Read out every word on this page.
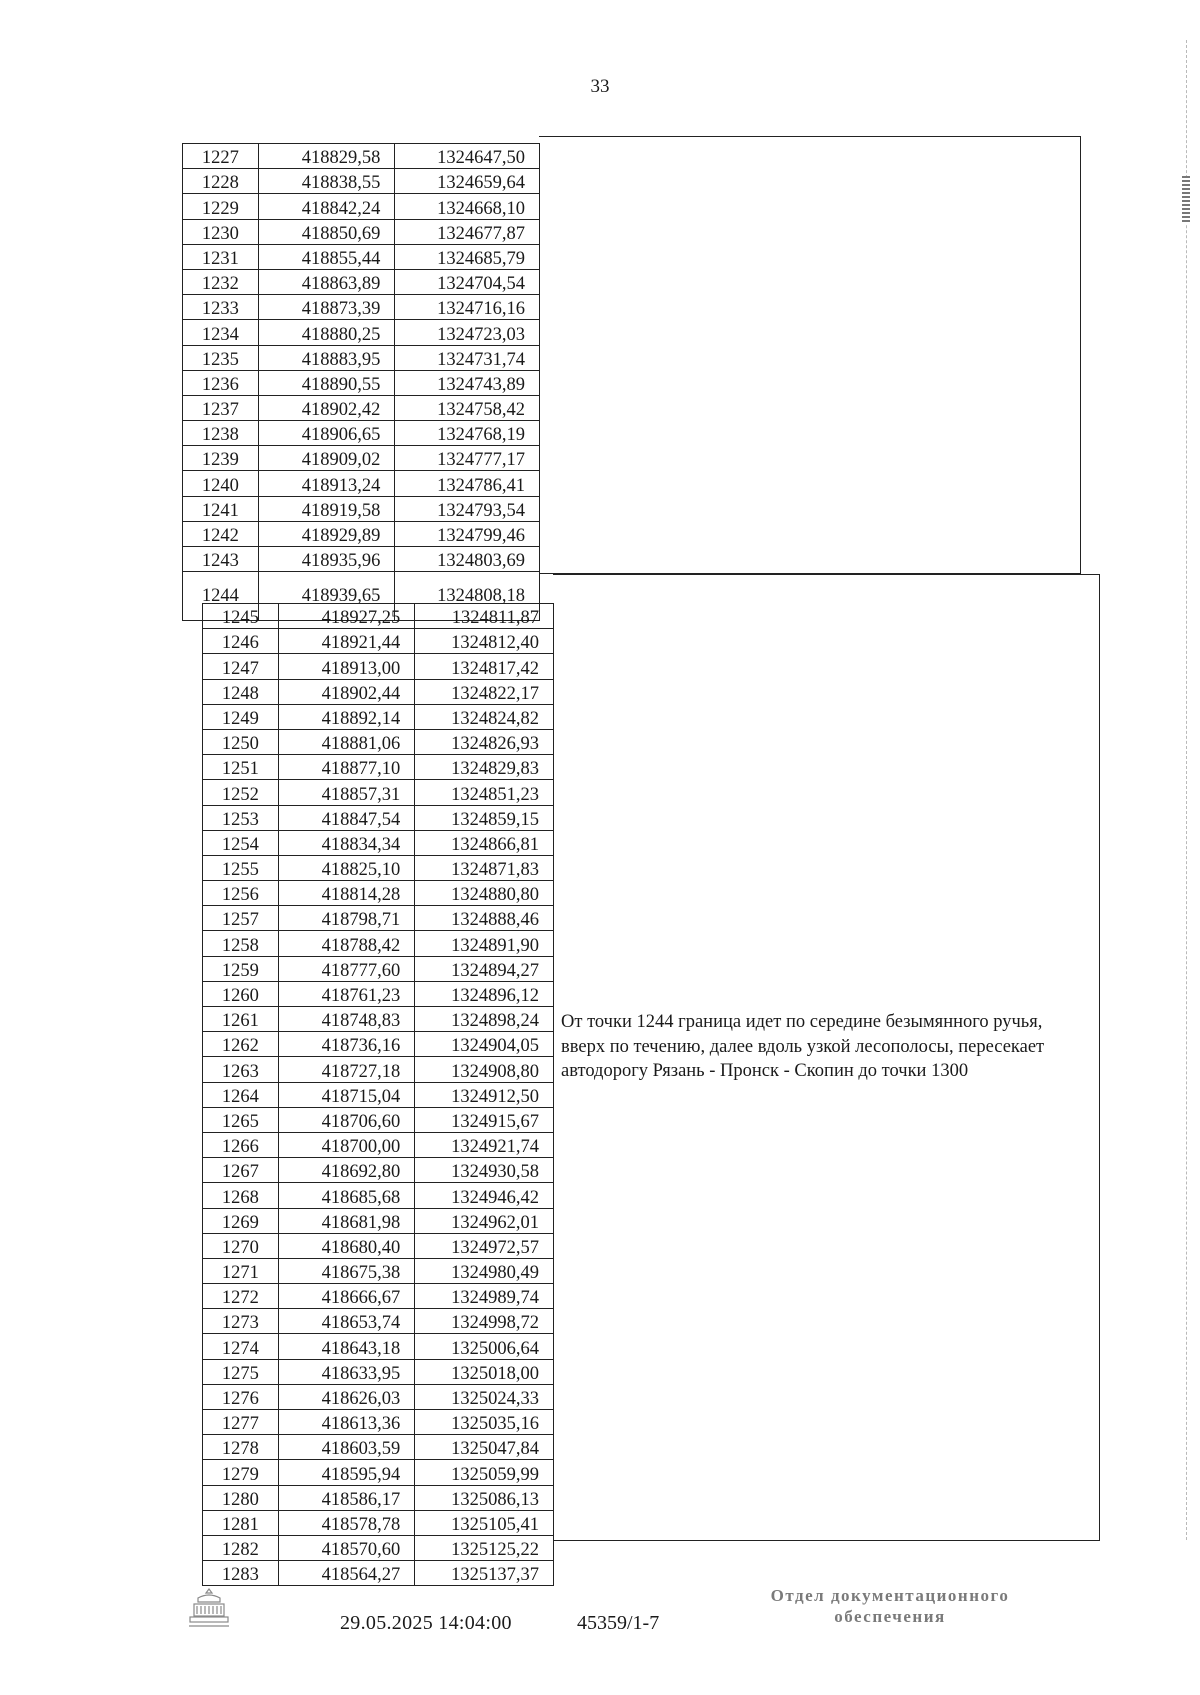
33
1227	418829,58	1324647,50
1228	418838,55	1324659,64
1229	418842,24	1324668,10
1230	418850,69	1324677,87
1231	418855,44	1324685,79
1232	418863,89	1324704,54
1233	418873,39	1324716,16
1234	418880,25	1324723,03
1235	418883,95	1324731,74
1236	418890,55	1324743,89
1237	418902,42	1324758,42
1238	418906,65	1324768,19
1239	418909,02	1324777,17
1240	418913,24	1324786,41
1241	418919,58	1324793,54
1242	418929,89	1324799,46
1243	418935,96	1324803,69
1244	418939,65	1324808,18
1245	418927,25	1324811,87
1246	418921,44	1324812,40
1247	418913,00	1324817,42
1248	418902,44	1324822,17
1249	418892,14	1324824,82
1250	418881,06	1324826,93
1251	418877,10	1324829,83
1252	418857,31	1324851,23
1253	418847,54	1324859,15
1254	418834,34	1324866,81
1255	418825,10	1324871,83
1256	418814,28	1324880,80
1257	418798,71	1324888,46
1258	418788,42	1324891,90
1259	418777,60	1324894,27
1260	418761,23	1324896,12
1261	418748,83	1324898,24
1262	418736,16	1324904,05
1263	418727,18	1324908,80
1264	418715,04	1324912,50
1265	418706,60	1324915,67
1266	418700,00	1324921,74
1267	418692,80	1324930,58
1268	418685,68	1324946,42
1269	418681,98	1324962,01
1270	418680,40	1324972,57
1271	418675,38	1324980,49
1272	418666,67	1324989,74
1273	418653,74	1324998,72
1274	418643,18	1325006,64
1275	418633,95	1325018,00
1276	418626,03	1325024,33
1277	418613,36	1325035,16
1278	418603,59	1325047,84
1279	418595,94	1325059,99
1280	418586,17	1325086,13
1281	418578,78	1325105,41
1282	418570,60	1325125,22
1283	418564,27	1325137,37
От точки 1244 граница идет по середине безымянного ручья, вверх по течению, далее вдоль узкой лесополосы, пересекает автодорогу Рязань - Пронск - Скопин до точки 1300
29.05.2025 14:04:00	45359/1-7
Отдел документационного
обеспечения
